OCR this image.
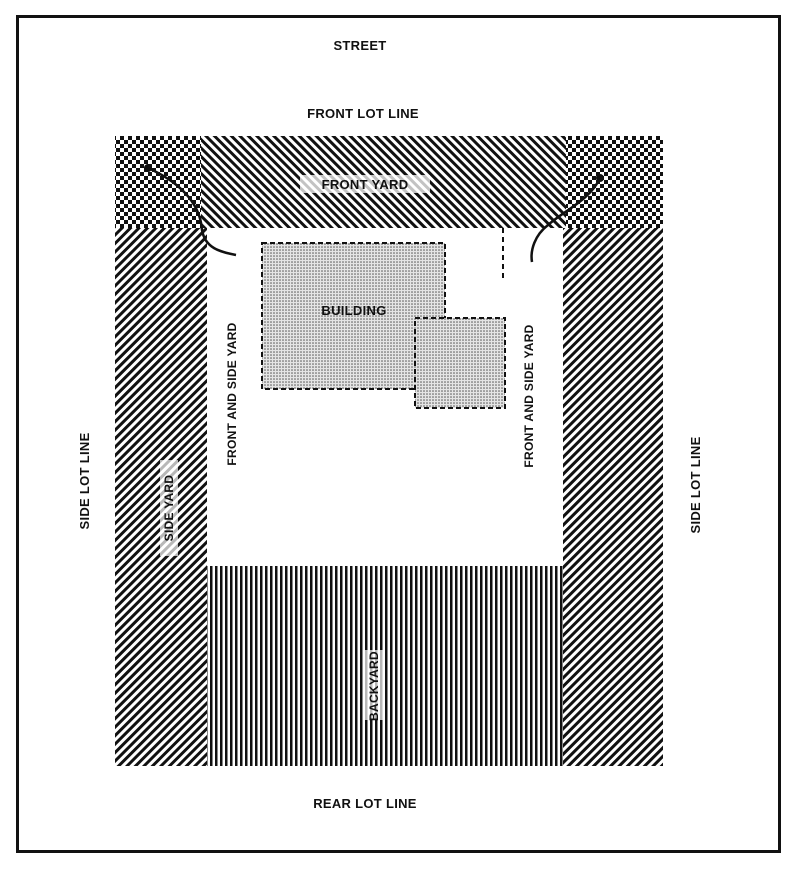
STREET
FRONT LOT LINE
FRONT YARD
BUILDING
FRONT AND SIDE YARD	FRONT AND SIDE YARD
SIDE LOT LINE	SIDE LOT LINE
SIDE YARD
BACKYARD
REAR LOT LINE
